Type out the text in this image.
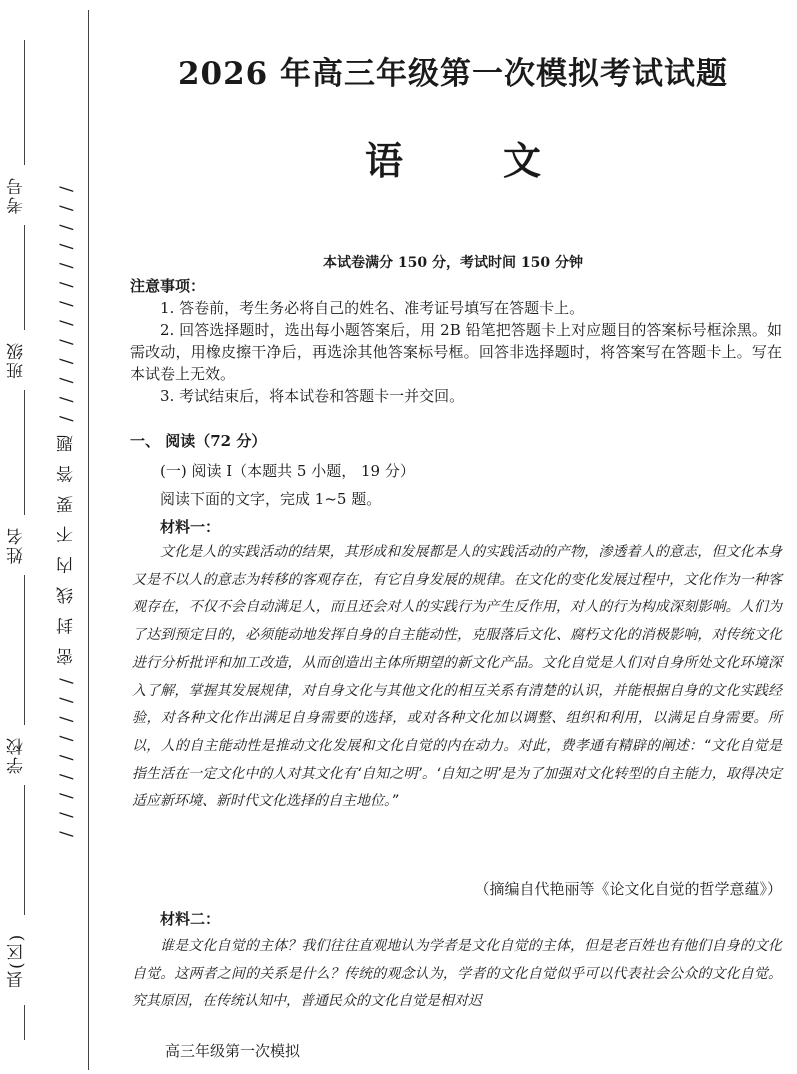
考号
班级
姓名
学校
县(区)
/ / / / / / / / / 密 封 线 内 不 要 答 题 / / / / / / / / / / / / /
2026 年高三年级第一次模拟考试试题
语文
本试卷满分 150 分，考试时间 150 分钟
注意事项：

1. 答卷前，考生务必将自己的姓名、准考证号填写在答题卡上。

2. 回答选择题时，选出每小题答案后，用 2B 铅笔把答题卡上对应题目的答案标号框涂黑。如需改动，用橡皮擦干净后，再选涂其他答案标号框。回答非选择题时，将答案写在答题卡上。写在本试卷上无效。

3. 考试结束后，将本试卷和答题卡一并交回。

一、 阅读（72 分）
(一) 阅读 I（本题共 5 小题， 19 分）
阅读下面的文字，完成 1~5 题。
材料一：

文化是人的实践活动的结果，其形成和发展都是人的实践活动的产物，渗透着人的意志，但文化本身又是不以人的意志为转移的客观存在，有它自身发展的规律。在文化的变化发展过程中，文化作为一种客观存在，不仅不会自动满足人，而且还会对人的实践行为产生反作用，对人的行为构成深刻影响。人们为了达到预定目的，必须能动地发挥自身的自主能动性，克服落后文化、腐朽文化的消极影响，对传统文化进行分析批评和加工改造，从而创造出主体所期望的新文化产品。文化自觉是人们对自身所处文化环境深入了解，掌握其发展规律，对自身文化与其他文化的相互关系有清楚的认识，并能根据自身的文化实践经验，对各种文化作出满足自身需要的选择，或对各种文化加以调整、组织和利用，以满足自身需要。所以，人的自主能动性是推动文化发展和文化自觉的内在动力。对此，费孝通有精辟的阐述：“文化自觉是指生活在一定文化中的人对其文化有‘自知之明’。‘自知之明’是为了加强对文化转型的自主能力，取得决定适应新环境、新时代文化选择的自主地位。”

（摘编自代艳丽等《论文化自觉的哲学意蕴》）
材料二：

谁是文化自觉的主体？我们往往直观地认为学者是文化自觉的主体，但是老百姓也有他们自身的文化自觉。这两者之间的关系是什么？传统的观念认为，学者的文化自觉似乎可以代表社会公众的文化自觉。究其原因，在传统认知中，普通民众的文化自觉是相对迟

高三年级第一次模拟
